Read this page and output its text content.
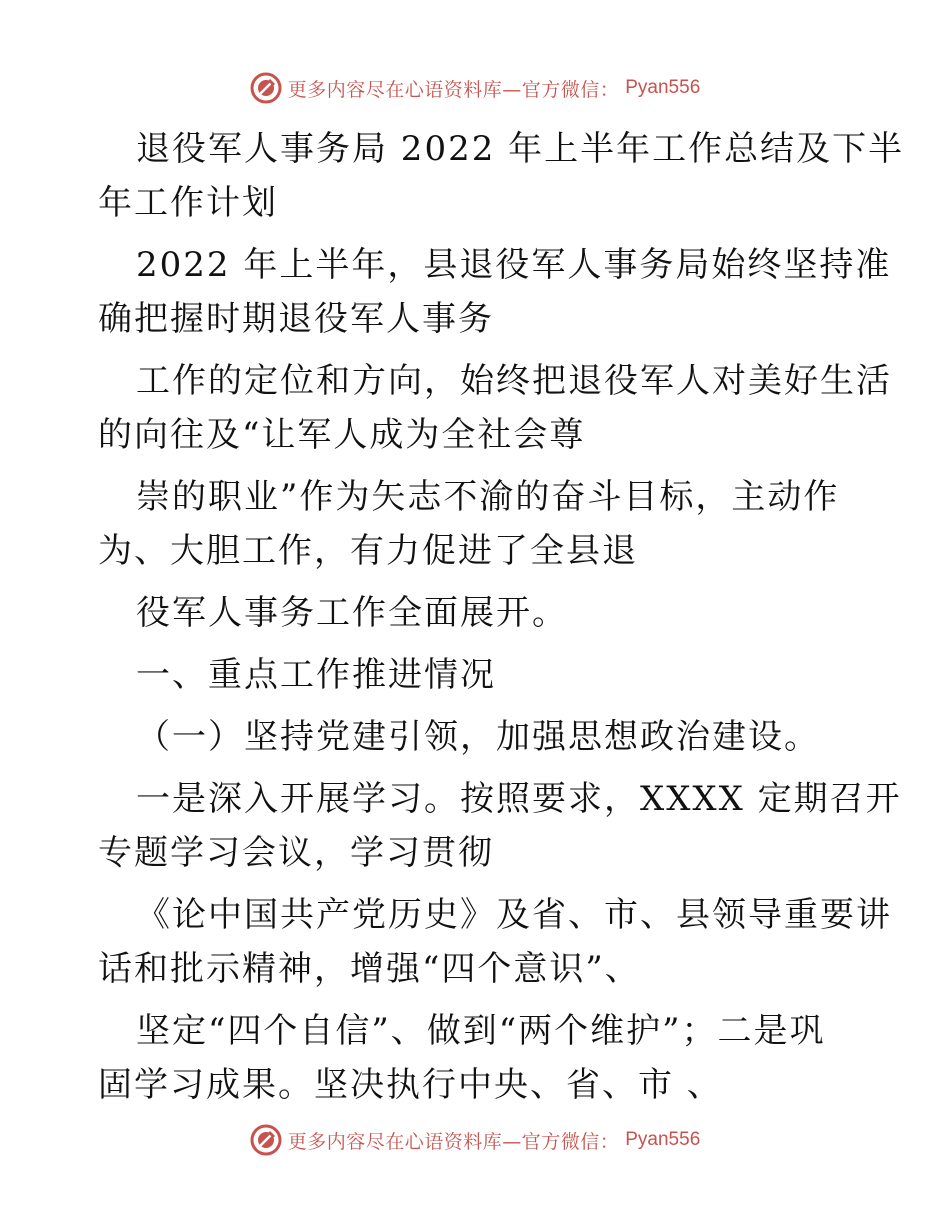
更多内容尽在心语资料库—官方微信： Pyan556
退役军人事务局 2022 年上半年工作总结及下半
年工作计划
2022 年上半年，县退役军人事务局始终坚持准
确把握时期退役军人事务
工作的定位和方向，始终把退役军人对美好生活
的向往及“让军人成为全社会尊
崇的职业”作为矢志不渝的奋斗目标，主动作
为、大胆工作，有力促进了全县退
役军人事务工作全面展开。
一、重点工作推进情况
（一）坚持党建引领，加强思想政治建设。
一是深入开展学习。按照要求，XXXX 定期召开
专题学习会议，学习贯彻
《论中国共产党历史》及省、市、县领导重要讲
话和批示精神，增强“四个意识”、
坚定“四个自信”、做到“两个维护”；二是巩
固学习成果。坚决执行中央、省、市 、
更多内容尽在心语资料库—官方微信： Pyan556
